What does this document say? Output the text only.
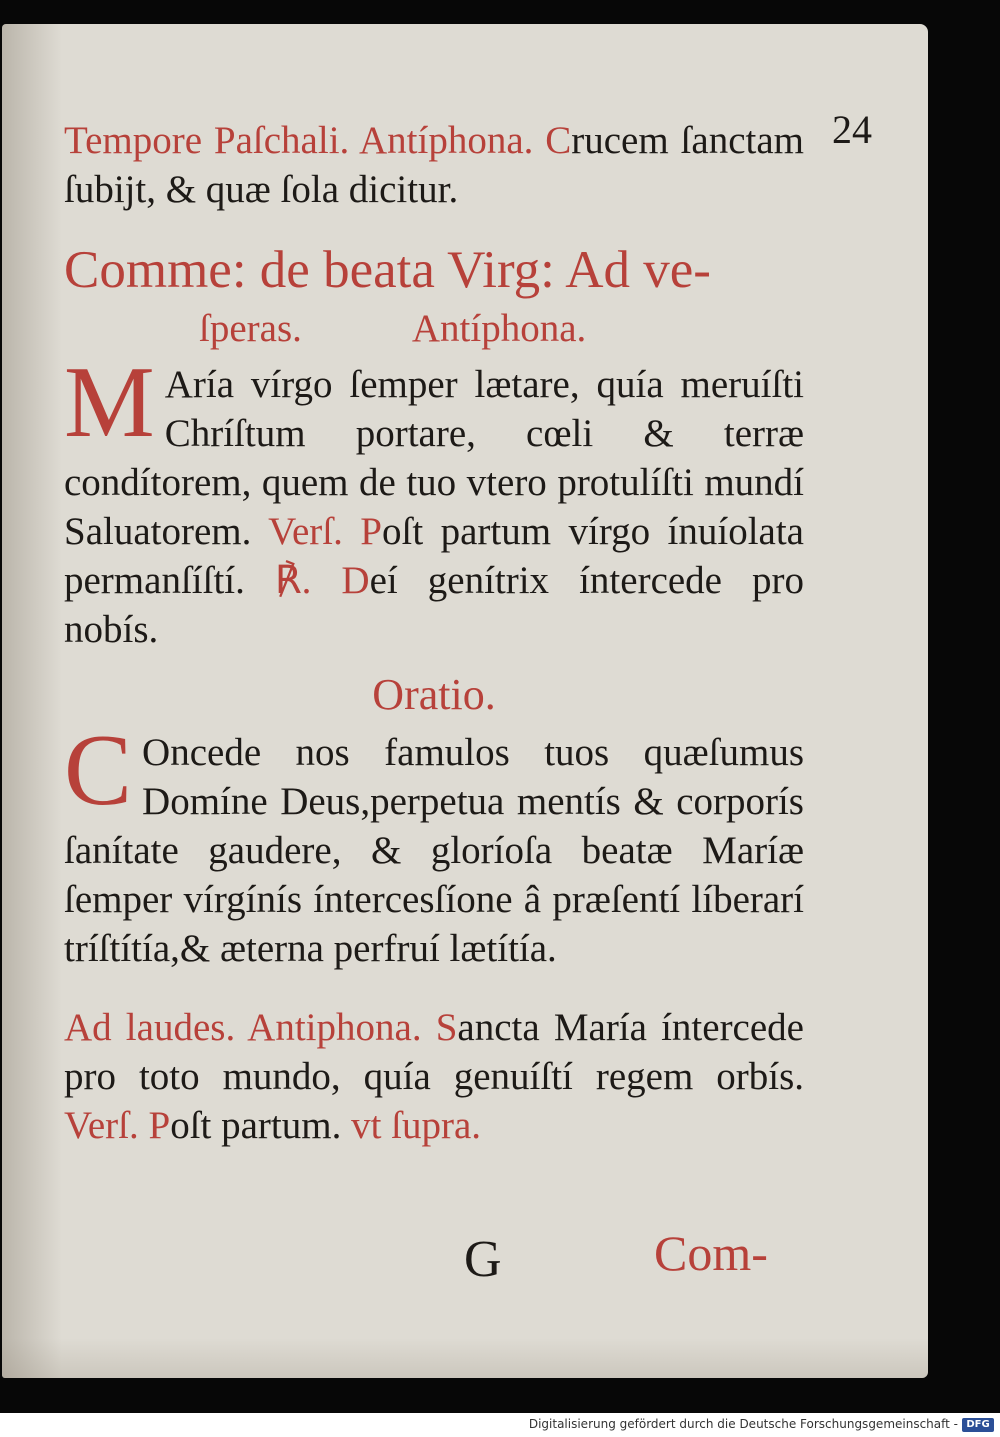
Tempore Paſchali. Antíphona. Crucem ſanctam ſubĳt, & quæ ſola dicitur.

Comme: de beata Virg: Ad ve-
ſperas.	Antíphona.

M Aría vírgo ſemper lætare, quía meruíſti Chríſtum portare, cœli & terræ condítorem, quem de tuo vtero protulíſti mundí Saluatorem. Verſ. Poſt partum vírgo ínuíolata permanſíſtí. ℟. Deí genítrix íntercede pro nobís.

Oratio.

C Oncede nos famulos tuos quæſumus Domíne Deus,perpetua mentís & corporís ſanítate gaudere, & gloríoſa beatæ Maríæ ſemper vírgínís íntercesſíone â præſentí líberarí tríſtítía,& æterna perfruí lætítía.

Ad laudes. Antiphona. Sancta María íntercede pro toto mundo, quía genuíſtí regem orbís. Verſ. Poſt partum. vt ſupra.

G	Com-
24
Digitalisierung gefördert durch die Deutsche Forschungsgemeinschaft - DFG
